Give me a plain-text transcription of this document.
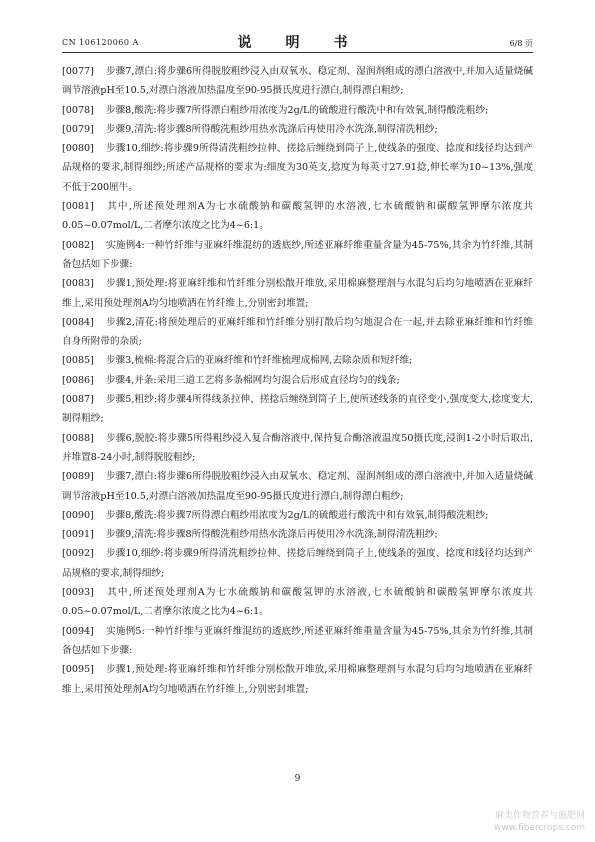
CN 106120060 A	说　明　书	6/8 页

[0077] 步骤7,漂白:将步骤6所得脱胶粗纱浸入由双氧水、稳定剂、湿润剂组成的漂白溶液中,并加入适量烧碱调节溶液pH至10.5,对漂白溶液加热温度至90-95摄氏度进行漂白,制得漂白粗纱;

[0078] 步骤8,酸洗:将步骤7所得漂白粗纱用浓度为2g/L的硫酸进行酸洗中和有效氧,制得酸洗粗纱;

[0079] 步骤9,清洗:将步骤8所得酸洗粗纱用热水洗涤后再使用冷水洗涤,制得清洗粗纱;

[0080] 步骤10,细纱:将步骤9所得清洗粗纱拉伸、搓捻后缠绕到筒子上,使线条的强度、捻度和线径均达到产品规格的要求,制得细纱;所述产品规格的要求为:细度为30英支,捻度为每英寸27.91捻,伸长率为10~13%,强度不低于200厘牛。

[0081] 其中,所述预处理剂A为七水硫酸钠和碳酸氢钾的水溶液,七水硫酸钠和碳酸氢钾摩尔浓度共0.05~0.07mol/L,二者摩尔浓度之比为4~6:1。

[0082] 实施例4:一种竹纤维与亚麻纤维混纺的透底纱,所述亚麻纤维重量含量为45-75%,其余为竹纤维,其制备包括如下步骤:

[0083] 步骤1,预处理:将亚麻纤维和竹纤维分别松散开堆放,采用棉麻整理剂与水混匀后均匀地喷洒在亚麻纤维上,采用预处理剂A均匀地喷洒在竹纤维上,分别密封堆置;

[0084] 步骤2,清花:将预处理后的亚麻纤维和竹纤维分别打散后均匀地混合在一起,并去除亚麻纤维和竹纤维自身所附带的杂质;

[0085] 步骤3,梳棉:将混合后的亚麻纤维和竹纤维梳理成棉网,去除杂质和短纤维;

[0086] 步骤4,并条:采用三道工艺将多条棉网均匀混合后形成直径均匀的线条;

[0087] 步骤5,粗纱:将步骤4所得线条拉伸、搓捻后缠绕到筒子上,使所述线条的直径变小,强度变大,捻度变大,制得粗纱;

[0088] 步骤6,脱胶:将步骤5所得粗纱浸入复合酶溶液中,保持复合酶溶液温度50摄氏度,浸润1-2小时后取出,并堆置8-24小时,制得脱胶粗纱;

[0089] 步骤7,漂白:将步骤6所得脱胶粗纱浸入由双氧水、稳定剂、湿润剂组成的漂白溶液中,并加入适量烧碱调节溶液pH至10.5,对漂白溶液加热温度至90-95摄氏度进行漂白,制得漂白粗纱;

[0090] 步骤8,酸洗:将步骤7所得漂白粗纱用浓度为2g/L的硫酸进行酸洗中和有效氧,制得酸洗粗纱;

[0091] 步骤9,清洗:将步骤8所得酸洗粗纱用热水洗涤后再使用冷水洗涤,制得清洗粗纱;

[0092] 步骤10,细纱:将步骤9所得清洗粗纱拉伸、搓捻后缠绕到筒子上,使线条的强度、捻度和线径均达到产品规格的要求,制得细纱;

[0093] 其中,所述预处理剂A为七水硫酸钠和碳酸氢钾的水溶液,七水硫酸钠和碳酸氢钾摩尔浓度共0.05~0.07mol/L,二者摩尔浓度之比为4~6:1。

[0094] 实施例5:一种竹纤维与亚麻纤维混纺的透底纱,所述亚麻纤维重量含量为45-75%,其余为竹纤维,其制备包括如下步骤:

[0095] 步骤1,预处理:将亚麻纤维和竹纤维分别松散开堆放,采用棉麻整理剂与水混匀后均匀地喷洒在亚麻纤维上,采用预处理剂A均匀地喷洒在竹纤维上,分别密封堆置;

9
麻类作物营养与施肥网
www.fibercrops.com
